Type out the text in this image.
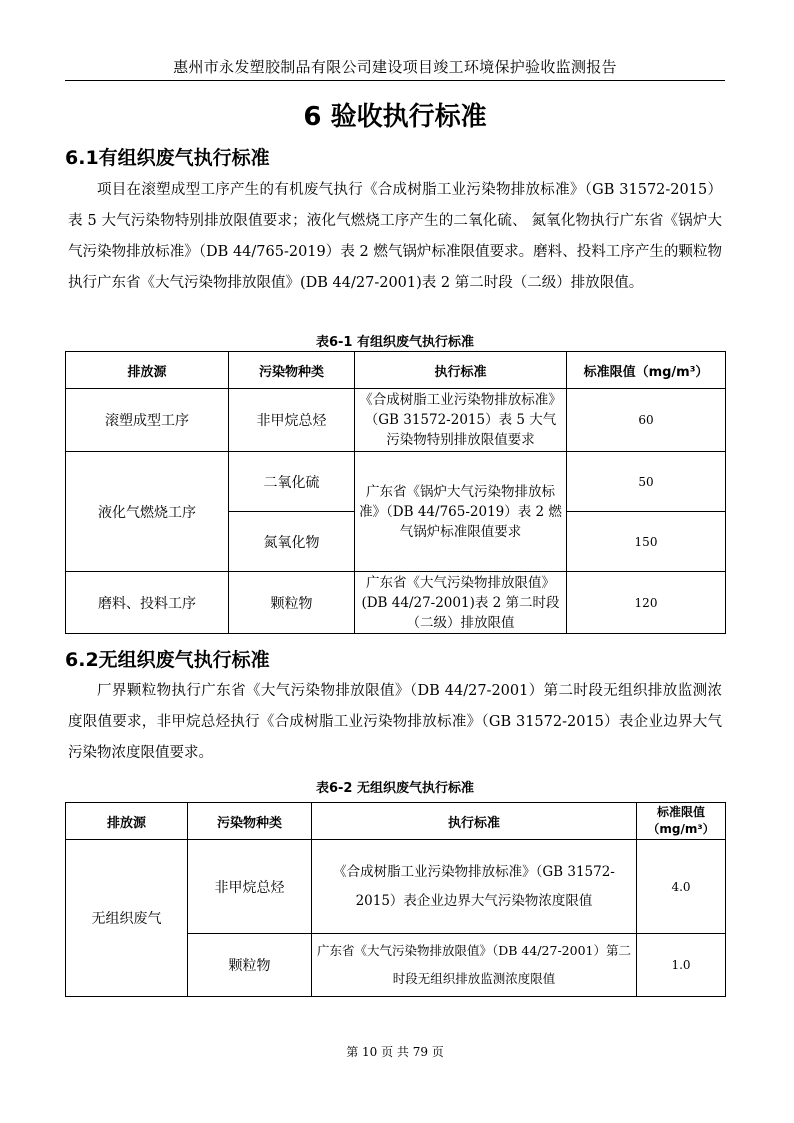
惠州市永发塑胶制品有限公司建设项目竣工环境保护验收监测报告
6 验收执行标准
6.1有组织废气执行标准
项目在滚塑成型工序产生的有机废气执行《合成树脂工业污染物排放标准》（GB 31572-2015）表 5 大气污染物特别排放限值要求；液化气燃烧工序产生的二氧化硫、 氮氧化物执行广东省《锅炉大气污染物排放标准》（DB 44/765-2019）表 2 燃气锅炉标准限值要求。磨料、投料工序产生的颗粒物执行广东省《大气污染物排放限值》(DB 44/27-2001)表 2 第二时段（二级）排放限值。
表6-1 有组织废气执行标准
排放源	污染物种类	执行标准	标准限值（mg/m³）
滚塑成型工序	非甲烷总烃	《合成树脂工业污染物排放标准》（GB 31572-2015）表 5 大气污染物特别排放限值要求	60
液化气燃烧工序	二氧化硫	广东省《锅炉大气污染物排放标准》（DB 44/765-2019）表 2 燃气锅炉标准限值要求	50
	氮氧化物		150
磨料、投料工序	颗粒物	广东省《大气污染物排放限值》(DB 44/27-2001)表 2 第二时段（二级）排放限值	120
6.2无组织废气执行标准
厂界颗粒物执行广东省《大气污染物排放限值》（DB 44/27-2001）第二时段无组织排放监测浓度限值要求，非甲烷总烃执行《合成树脂工业污染物排放标准》（GB 31572-2015）表企业边界大气污染物浓度限值要求。
表6-2 无组织废气执行标准
排放源	污染物种类	执行标准	标准限值（mg/m³）
无组织废气	非甲烷总烃	《合成树脂工业污染物排放标准》（GB 31572-2015）表企业边界大气污染物浓度限值	4.0
	颗粒物	广东省《大气污染物排放限值》（DB 44/27-2001）第二时段无组织排放监测浓度限值	1.0
第 10 页 共 79 页
